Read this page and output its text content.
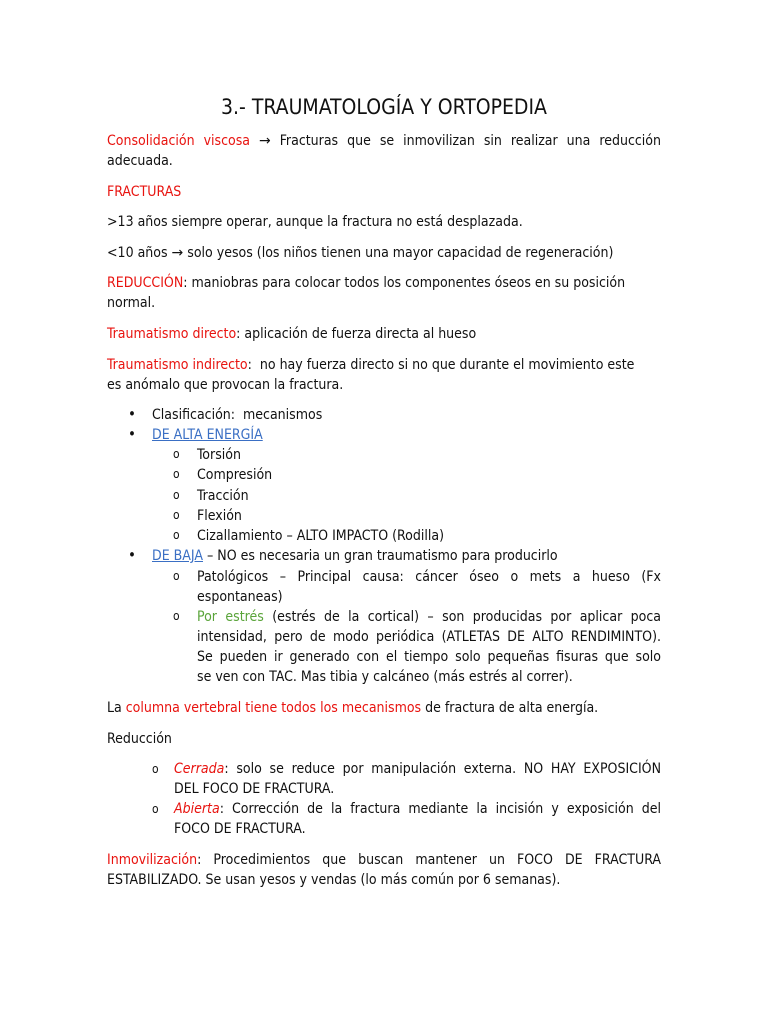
3.- TRAUMATOLOGÍA Y ORTOPEDIA
Consolidación viscosa → Fracturas que se inmovilizan sin realizar una reducción
adecuada.
FRACTURAS
>13 años siempre operar, aunque la fractura no está desplazada.
<10 años → solo yesos (los niños tienen una mayor capacidad de regeneración)
REDUCCIÓN: maniobras para colocar todos los componentes óseos en su posición
normal.
Traumatismo directo: aplicación de fuerza directa al hueso
Traumatismo indirecto:  no hay fuerza directo si no que durante el movimiento este
es anómalo que provocan la fractura.
• Clasificación:  mecanismos
• DE ALTA ENERGÍA
o Torsión
o Compresión
o Tracción
o Flexión
o Cizallamiento – ALTO IMPACTO (Rodilla)
• DE BAJA – NO es necesaria un gran traumatismo para producirlo
o Patológicos – Principal causa: cáncer óseo o mets a hueso (Fx
espontaneas)
o Por estrés (estrés de la cortical) – son producidas por aplicar poca
intensidad, pero de modo periódica (ATLETAS DE ALTO RENDIMINTO).
Se pueden ir generado con el tiempo solo pequeñas fisuras que solo
se ven con TAC. Mas tibia y calcáneo (más estrés al correr).
La columna vertebral tiene todos los mecanismos de fractura de alta energía.
Reducción
o Cerrada: solo se reduce por manipulación externa. NO HAY EXPOSICIÓN
DEL FOCO DE FRACTURA.
o Abierta: Corrección de la fractura mediante la incisión y exposición del
FOCO DE FRACTURA.
Inmovilización: Procedimientos que buscan mantener un FOCO DE FRACTURA
ESTABILIZADO. Se usan yesos y vendas (lo más común por 6 semanas).
